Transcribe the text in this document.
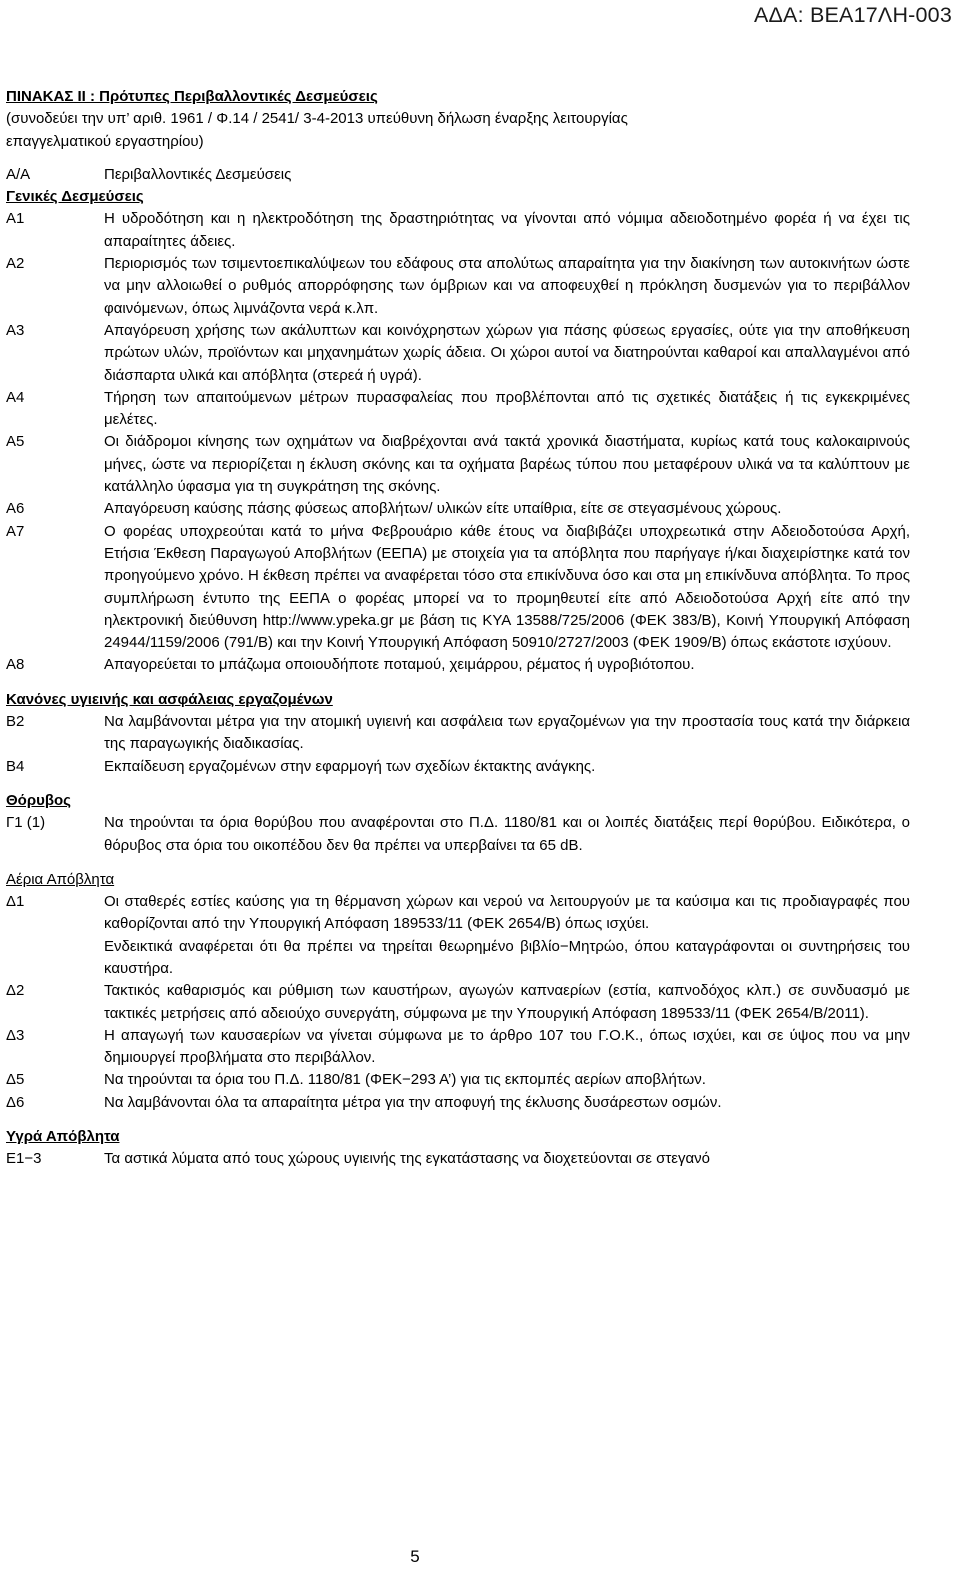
ΑΔΑ: ΒΕΑ17ΛΗ-003
ΠΙΝΑΚΑΣ ΙΙ : Πρότυπες Περιβαλλοντικές Δεσμεύσεις
(συνοδεύει την υπ’ αριθ. 1961 / Φ.14 / 2541/ 3-4-2013 υπεύθυνη δήλωση έναρξης λειτουργίας
επαγγελματικού εργαστηρίου)
Α/Α	Περιβαλλοντικές Δεσμεύσεις
Γενικές Δεσμεύσεις
Α1	Η υδροδότηση και η ηλεκτροδότηση της δραστηριότητας να γίνονται από νόμιμα αδειοδοτημένο φορέα ή να έχει τις απαραίτητες άδειες.

Α2	Περιορισμός των τσιμεντοεπικαλύψεων του εδάφους στα απολύτως απαραίτητα για την διακίνηση των αυτοκινήτων ώστε να μην αλλοιωθεί ο ρυθμός απορρόφησης των όμβριων και να αποφευχθεί η πρόκληση δυσμενών για το περιβάλλον φαινόμενων, όπως λιμνάζοντα νερά κ.λπ.

Α3	Απαγόρευση χρήσης των ακάλυπτων και κοινόχρηστων χώρων για πάσης φύσεως εργασίες, ούτε για την αποθήκευση πρώτων υλών, προϊόντων και μηχανημάτων χωρίς άδεια. Οι χώροι αυτοί να διατηρούνται καθαροί και απαλλαγμένοι από διάσπαρτα υλικά και απόβλητα (στερεά ή υγρά).

Α4	Τήρηση των απαιτούμενων μέτρων πυρασφαλείας που προβλέπονται από τις σχετικές διατάξεις ή τις εγκεκριμένες μελέτες.

Α5	Οι διάδρομοι κίνησης των οχημάτων να διαβρέχονται ανά τακτά χρονικά διαστήματα, κυρίως κατά τους καλοκαιρινούς μήνες, ώστε να περιορίζεται η έκλυση σκόνης και τα οχήματα βαρέως τύπου που μεταφέρουν υλικά να τα καλύπτουν με κατάλληλο ύφασμα για τη συγκράτηση της σκόνης.

Α6	Απαγόρευση καύσης πάσης φύσεως αποβλήτων/ υλικών είτε υπαίθρια, είτε σε στεγασμένους χώρους.

Α7	Ο φορέας υποχρεούται κατά το μήνα Φεβρουάριο κάθε έτους να διαβιβάζει υποχρεωτικά στην Αδειοδοτούσα Αρχή, Ετήσια Έκθεση Παραγωγού Αποβλήτων (ΕΕΠΑ) με στοιχεία για τα απόβλητα που παρήγαγε ή/και διαχειρίστηκε κατά τον προηγούμενο χρόνο. Η έκθεση πρέπει να αναφέρεται τόσο στα επικίνδυνα όσο και στα μη επικίνδυνα απόβλητα. Το προς συμπλήρωση έντυπο της ΕΕΠΑ ο φορέας μπορεί να το προμηθευτεί είτε από Αδειοδοτούσα Αρχή είτε από την ηλεκτρονική διεύθυνση http://www.ypeka.gr με βάση τις ΚΥΑ 13588/725/2006 (ΦΕΚ 383/Β), Κοινή Υπουργική Απόφαση 24944/1159/2006 (791/Β) και την Κοινή Υπουργική Απόφαση 50910/2727/2003 (ΦΕΚ 1909/Β) όπως εκάστοτε ισχύουν.

Α8	Απαγορεύεται το μπάζωμα οποιουδήποτε ποταμού, χειμάρρου, ρέματος ή υγροβιότοπου.

Κανόνες υγιεινής και ασφάλειας εργαζομένων
Β2	Να λαμβάνονται μέτρα για την ατομική υγιεινή και ασφάλεια των εργαζομένων για την προστασία τους κατά την διάρκεια της παραγωγικής διαδικασίας.

Β4	Εκπαίδευση εργαζομένων στην εφαρμογή των σχεδίων έκτακτης ανάγκης.

Θόρυβος
Γ1 (1)	Να τηρούνται τα όρια θορύβου που αναφέρονται στο Π.Δ. 1180/81 και οι λοιπές διατάξεις περί θορύβου. Ειδικότερα, ο θόρυβος στα όρια του οικοπέδου δεν θα πρέπει να υπερβαίνει τα 65 dB.

Αέρια Απόβλητα
Δ1	Οι σταθερές εστίες καύσης για τη θέρμανση χώρων και νερού να λειτουργούν με τα καύσιμα και τις προδιαγραφές που καθορίζονται από την Υπουργική Απόφαση 189533/11 (ΦΕΚ 2654/Β) όπως ισχύει.

Ενδεικτικά αναφέρεται ότι θα πρέπει να τηρείται θεωρημένο βιβλίο−Μητρώο, όπου καταγράφονται οι συντηρήσεις του καυστήρα.

Δ2	Τακτικός καθαρισμός και ρύθμιση των καυστήρων, αγωγών καπναερίων (εστία, καπνοδόχος κλπ.) σε συνδυασμό με τακτικές μετρήσεις από αδειούχο συνεργάτη, σύμφωνα με την Υπουργική Απόφαση 189533/11 (ΦΕΚ 2654/Β/2011).

Δ3	Η απαγωγή των καυσαερίων να γίνεται σύμφωνα με το άρθρο 107 του Γ.Ο.Κ., όπως ισχύει, και σε ύψος που να μην δημιουργεί προβλήματα στο περιβάλλον.

Δ5	Να τηρούνται τα όρια του Π.Δ. 1180/81 (ΦΕΚ−293 Α’) για τις εκπομπές αερίων αποβλήτων.

Δ6	Να λαμβάνονται όλα τα απαραίτητα μέτρα για την αποφυγή της έκλυσης δυσάρεστων οσμών.

Υγρά Απόβλητα
Ε1−3	Τα αστικά λύματα από τους χώρους υγιεινής της εγκατάστασης να διοχετεύονται σε στεγανό

5
